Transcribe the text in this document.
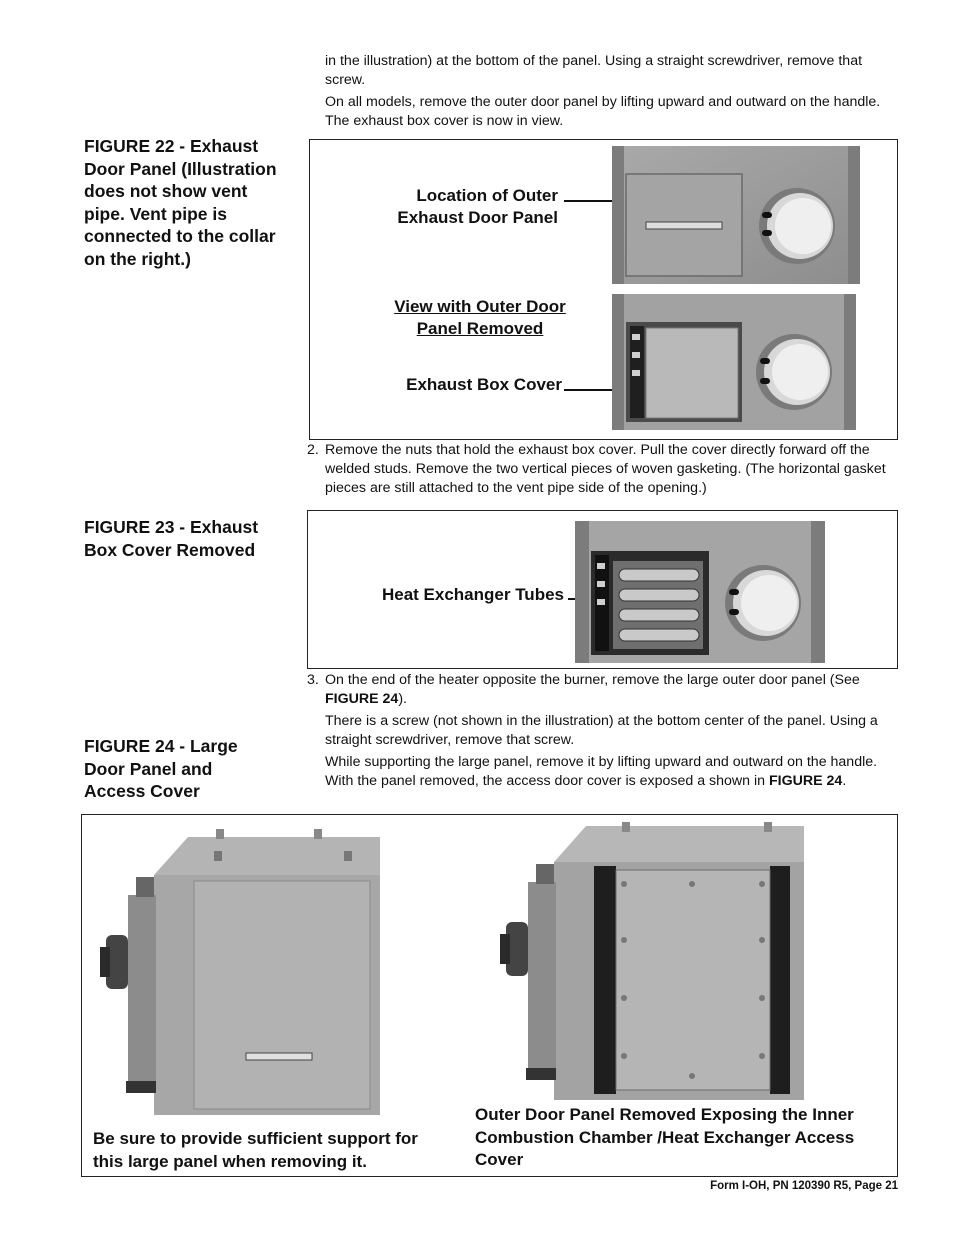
in the illustration) at the bottom of the panel. Using a straight screwdriver, remove that screw.
On all models, remove the outer door panel by lifting upward and outward on the handle. The exhaust box cover is now in view.
FIGURE 22 - Exhaust Door Panel (Illustration does not show vent pipe. Vent pipe is connected to the collar on the right.)
Location of Outer
Exhaust Door Panel
View with Outer Door
Panel Removed
Exhaust Box Cover
2. Remove the nuts that hold the exhaust box cover. Pull the cover directly forward off the welded studs. Remove the two vertical pieces of woven gasketing. (The horizontal gasket pieces are still attached to the vent pipe side of the opening.)
FIGURE 23 - Exhaust Box Cover Removed
Heat Exchanger Tubes
3. On the end of the heater opposite the burner, remove the large outer door panel (See FIGURE 24).
There is a screw (not shown in the illustration) at the bottom center of the panel. Using a straight screwdriver, remove that screw.
While supporting the large panel, remove it by lifting upward and outward on the handle. With the panel removed, the access door cover is exposed a shown in FIGURE 24.
FIGURE 24 - Large Door Panel and Access Cover
Be sure to provide sufficient support for this large panel when removing it.
Outer Door Panel Removed Exposing the Inner Combustion Chamber /Heat Exchanger Access Cover
Form I-OH, PN 120390 R5, Page 21
